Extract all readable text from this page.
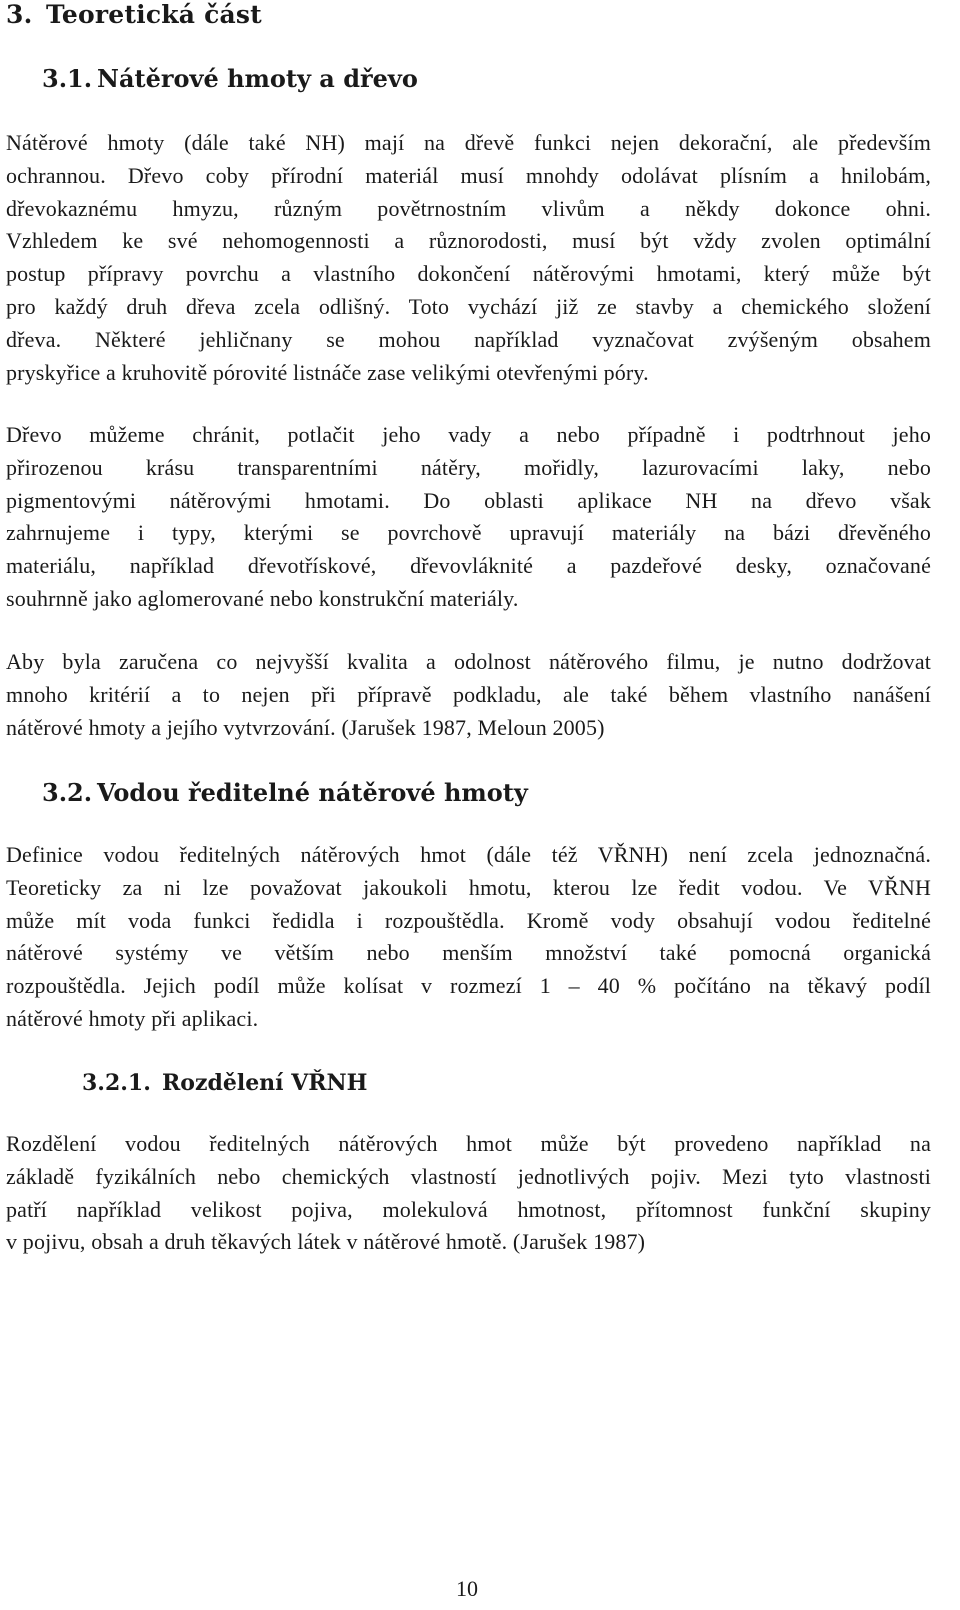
3. Teoretická část
3.1. Nátěrové hmoty a dřevo
Nátěrové hmoty (dále také NH) mají na dřevě funkci nejen dekorační, ale především
ochrannou. Dřevo coby přírodní materiál musí mnohdy odolávat plísním a hnilobám,
dřevokaznému hmyzu, různým povětrnostním vlivům a někdy dokonce ohni.
Vzhledem ke své nehomogennosti a různorodosti, musí být vždy zvolen optimální
postup přípravy povrchu a vlastního dokončení nátěrovými hmotami, který může být
pro každý druh dřeva zcela odlišný. Toto vychází již ze stavby a chemického složení
dřeva. Některé jehličnany se mohou například vyznačovat zvýšeným obsahem
pryskyřice a kruhovitě pórovité listnáče zase velikými otevřenými póry.
Dřevo můžeme chránit, potlačit jeho vady a nebo případně i podtrhnout jeho
přirozenou krásu transparentními nátěry, mořidly, lazurovacími laky, nebo
pigmentovými nátěrovými hmotami. Do oblasti aplikace NH na dřevo však
zahrnujeme i typy, kterými se povrchově upravují materiály na bázi dřevěného
materiálu, například dřevotřískové, dřevovláknité a pazdeřové desky, označované
souhrnně jako aglomerované nebo konstrukční materiály.
Aby byla zaručena co nejvyšší kvalita a odolnost nátěrového filmu, je nutno dodržovat
mnoho kritérií a to nejen při přípravě podkladu, ale také během vlastního nanášení
nátěrové hmoty a jejího vytvrzování. (Jarušek 1987, Meloun 2005)
3.2. Vodou ředitelné nátěrové hmoty
Definice vodou ředitelných nátěrových hmot (dále též VŘNH) není zcela jednoznačná.
Teoreticky za ni lze považovat jakoukoli hmotu, kterou lze ředit vodou. Ve VŘNH
může mít voda funkci ředidla i rozpouštědla. Kromě vody obsahují vodou ředitelné
nátěrové systémy ve větším nebo menším množství také pomocná organická
rozpouštědla. Jejich podíl může kolísat v rozmezí 1 – 40 % počítáno na těkavý podíl
nátěrové hmoty při aplikaci.
3.2.1. Rozdělení VŘNH
Rozdělení vodou ředitelných nátěrových hmot může být provedeno například na
základě fyzikálních nebo chemických vlastností jednotlivých pojiv. Mezi tyto vlastnosti
patří například velikost pojiva, molekulová hmotnost, přítomnost funkční skupiny
v pojivu, obsah a druh těkavých látek v nátěrové hmotě. (Jarušek 1987)
10
